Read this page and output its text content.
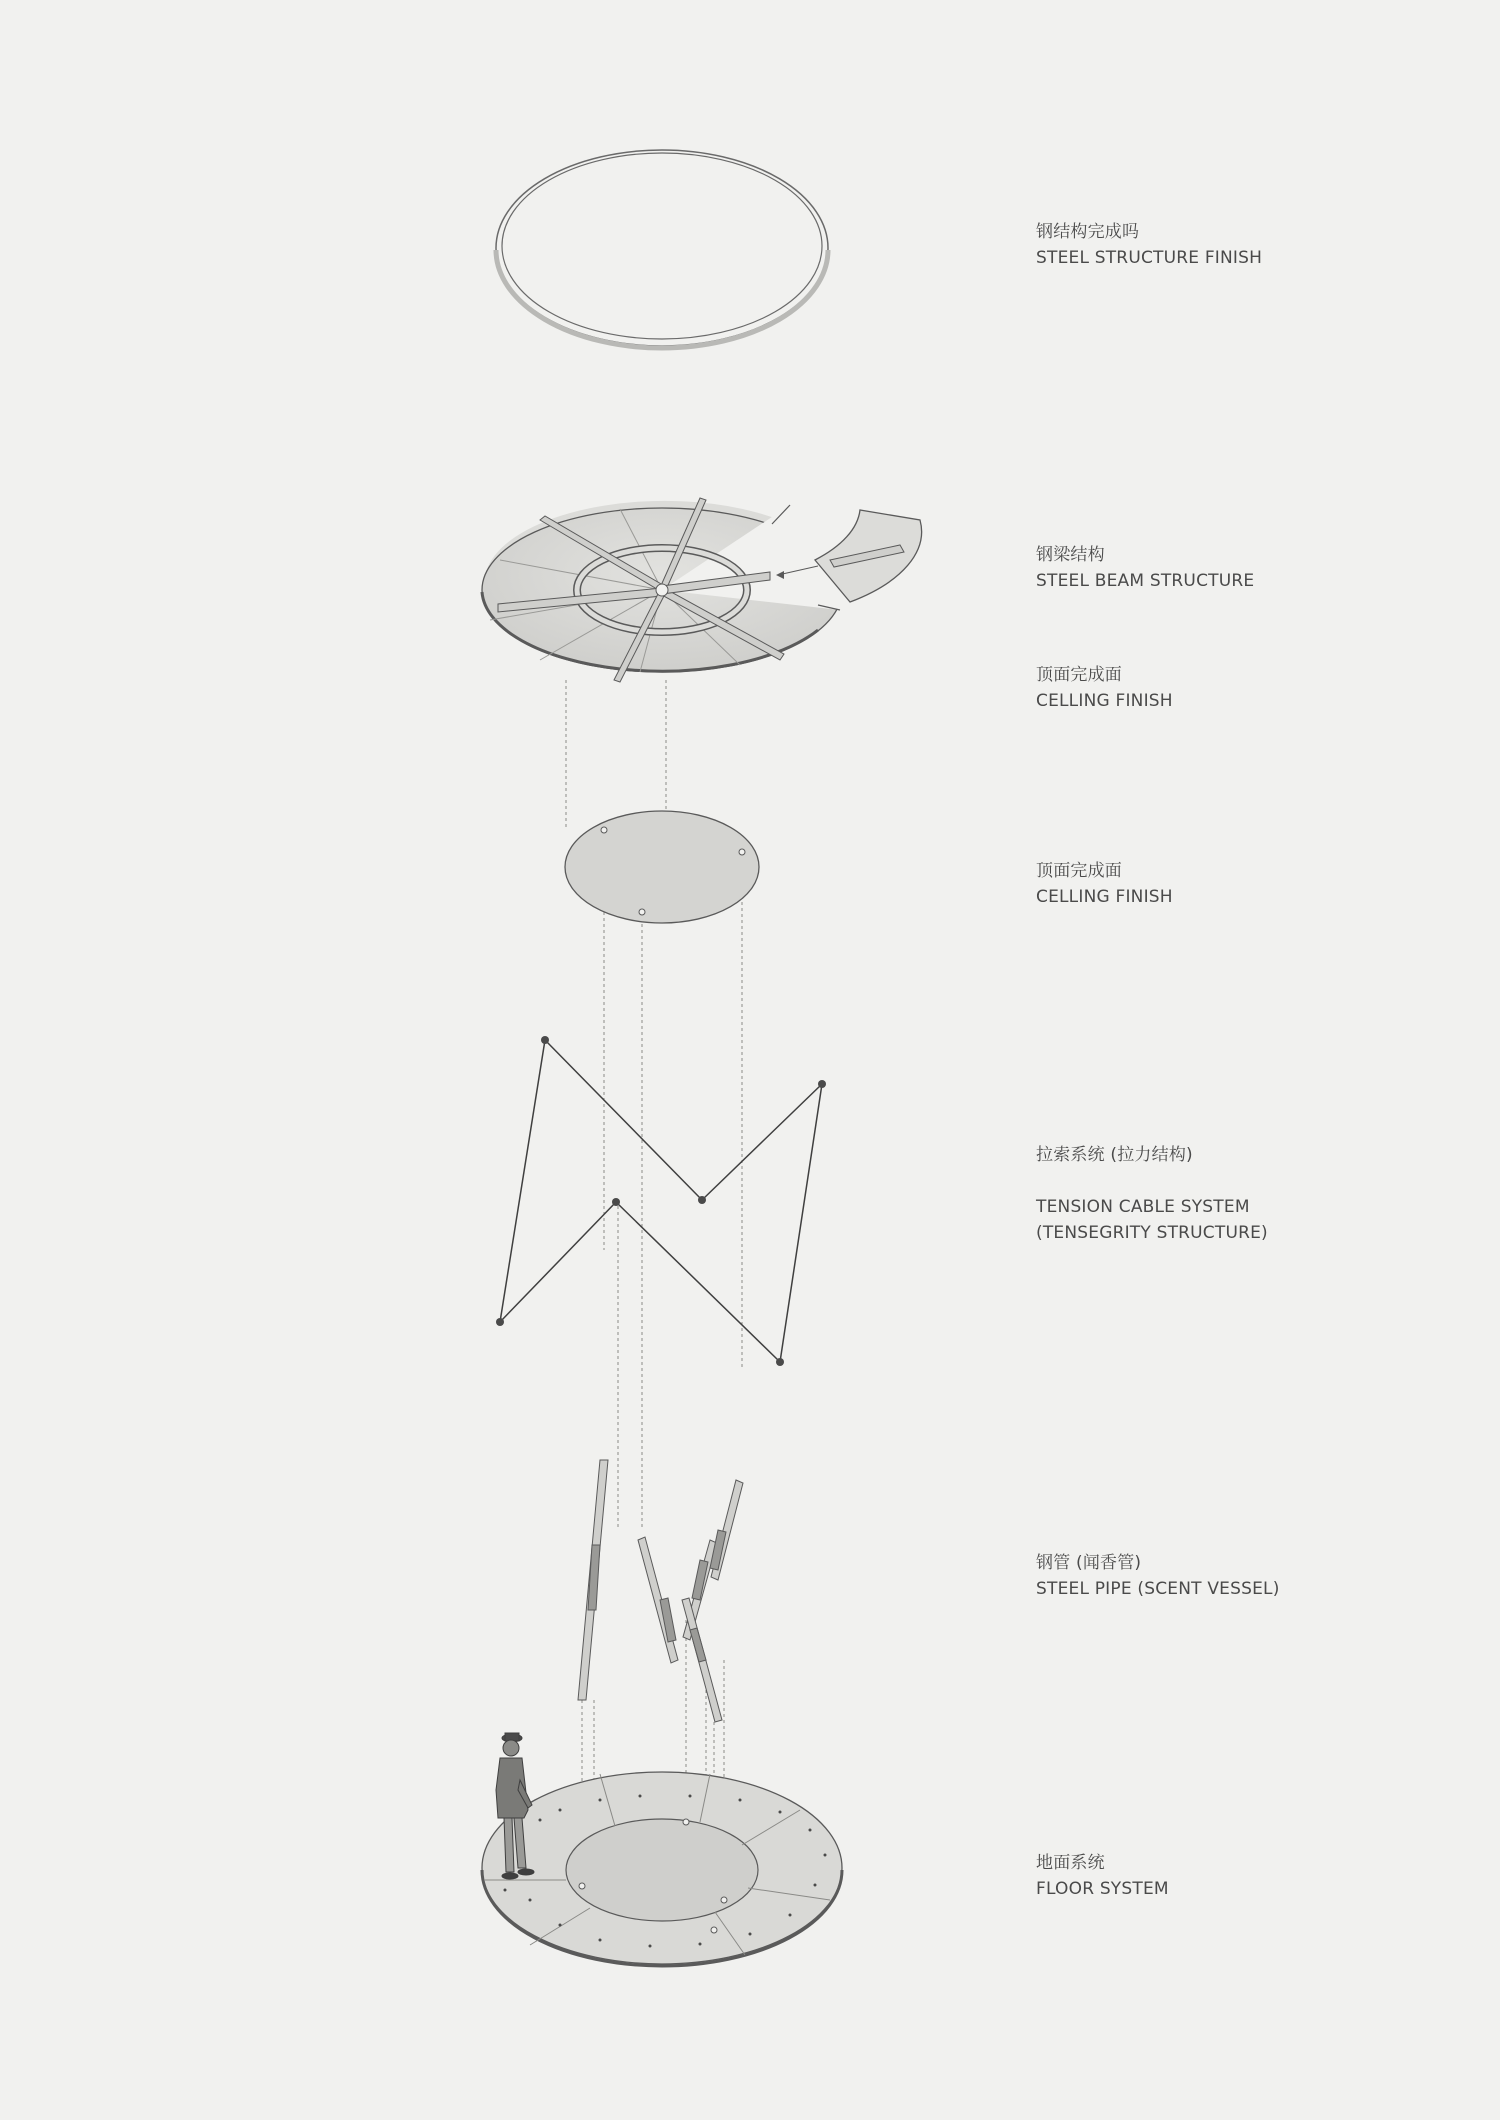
钢结构完成吗
STEEL STRUCTURE FINISH
钢梁结构
STEEL BEAM STRUCTURE
顶面完成面
CELLING FINISH
顶面完成面
CELLING FINISH
拉索系统 (拉力结构)
TENSION CABLE SYSTEM
(TENSEGRITY STRUCTURE)
钢管 (闻香管)
STEEL PIPE (SCENT VESSEL)
地面系统
FLOOR SYSTEM
